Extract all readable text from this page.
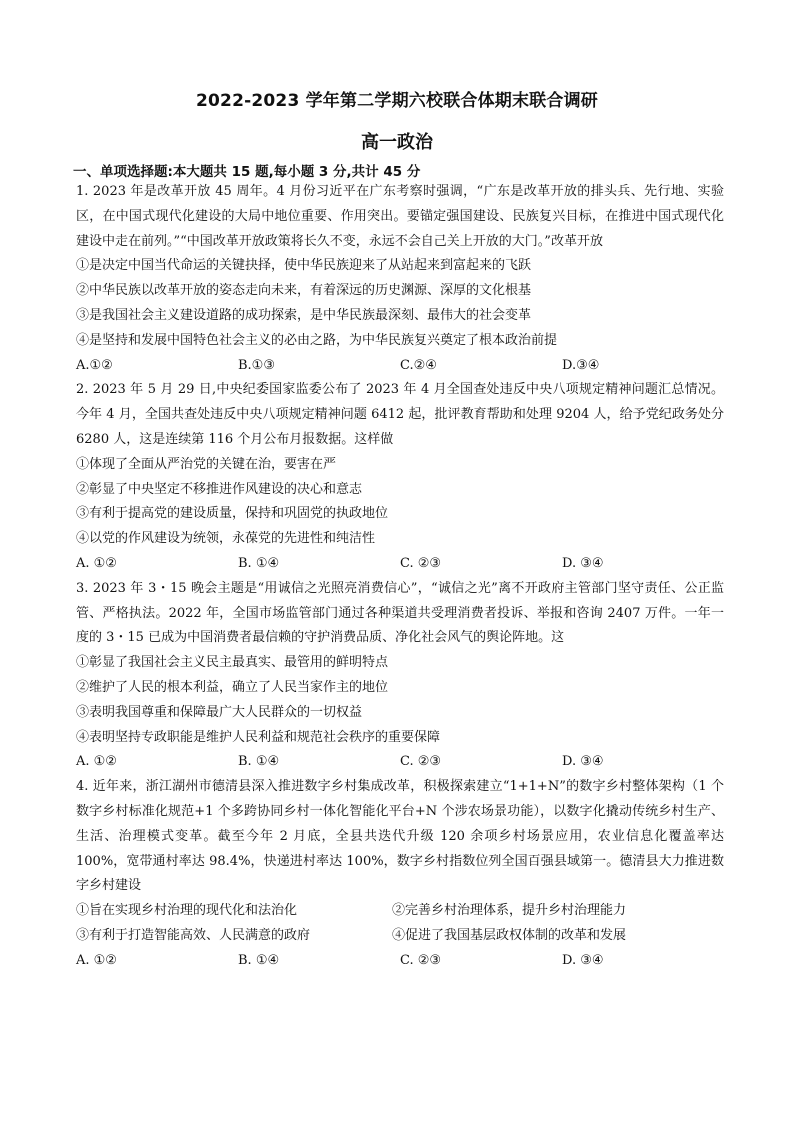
2022-2023 学年第二学期六校联合体期末联合调研
高一政治
一、单项选择题:本大题共 15 题,每小题 3 分,共计 45 分

1. 2023 年是改革开放 45 周年。4 月份习近平在广东考察时强调，“广东是改革开放的排头兵、先行地、实验区，在中国式现代化建设的大局中地位重要、作用突出。要锚定强国建设、民族复兴目标，在推进中国式现代化建设中走在前列。”“中国改革开放政策将长久不变，永远不会自己关上开放的大门。”改革开放

①是决定中国当代命运的关键抉择，使中华民族迎来了从站起来到富起来的飞跃

②中华民族以改革开放的姿态走向未来，有着深远的历史渊源、深厚的文化根基

③是我国社会主义建设道路的成功探索，是中华民族最深刻、最伟大的社会变革

④是坚持和发展中国特色社会主义的必由之路，为中华民族复兴奠定了根本政治前提

A.①②	B.①③	C.②④	D.③④

2. 2023 年 5 月 29 日,中央纪委国家监委公布了 2023 年 4 月全国查处违反中央八项规定精神问题汇总情况。今年 4 月，全国共查处违反中央八项规定精神问题 6412 起，批评教育帮助和处理 9204 人，给予党纪政务处分 6280 人，这是连续第 116 个月公布月报数据。这样做

①体现了全面从严治党的关键在治，要害在严

②彰显了中央坚定不移推进作风建设的决心和意志

③有利于提高党的建设质量，保持和巩固党的执政地位

④以党的作风建设为统领，永葆党的先进性和纯洁性

A. ①②	B. ①④	C. ②③	D. ③④

3. 2023 年 3・15 晚会主题是“用诚信之光照亮消费信心”，“诚信之光”离不开政府主管部门坚守责任、公正监管、严格执法。2022 年，全国市场监管部门通过各种渠道共受理消费者投诉、举报和咨询 2407 万件。一年一度的 3・15 已成为中国消费者最信赖的守护消费品质、净化社会风气的舆论阵地。这

①彰显了我国社会主义民主最真实、最管用的鲜明特点

②维护了人民的根本利益，确立了人民当家作主的地位

③表明我国尊重和保障最广大人民群众的一切权益

④表明坚持专政职能是维护人民利益和规范社会秩序的重要保障

A. ①②	B. ①④	C. ②③	D. ③④

4. 近年来，浙江湖州市德清县深入推进数字乡村集成改革，积极探索建立“1+1+N”的数字乡村整体架构（1 个数字乡村标准化规范+1 个多跨协同乡村一体化智能化平台+N 个涉农场景功能），以数字化撬动传统乡村生产、生活、治理模式变革。截至今年 2 月底，全县共迭代升级 120 余项乡村场景应用，农业信息化覆盖率达 100%，宽带通村率达 98.4%，快递进村率达 100%，数字乡村指数位列全国百强县域第一。德清县大力推进数字乡村建设

①旨在实现乡村治理的现代化和法治化	②完善乡村治理体系，提升乡村治理能力
③有利于打造智能高效、人民满意的政府	④促进了我国基层政权体制的改革和发展
A. ①②	B. ①④	C. ②③	D. ③④
